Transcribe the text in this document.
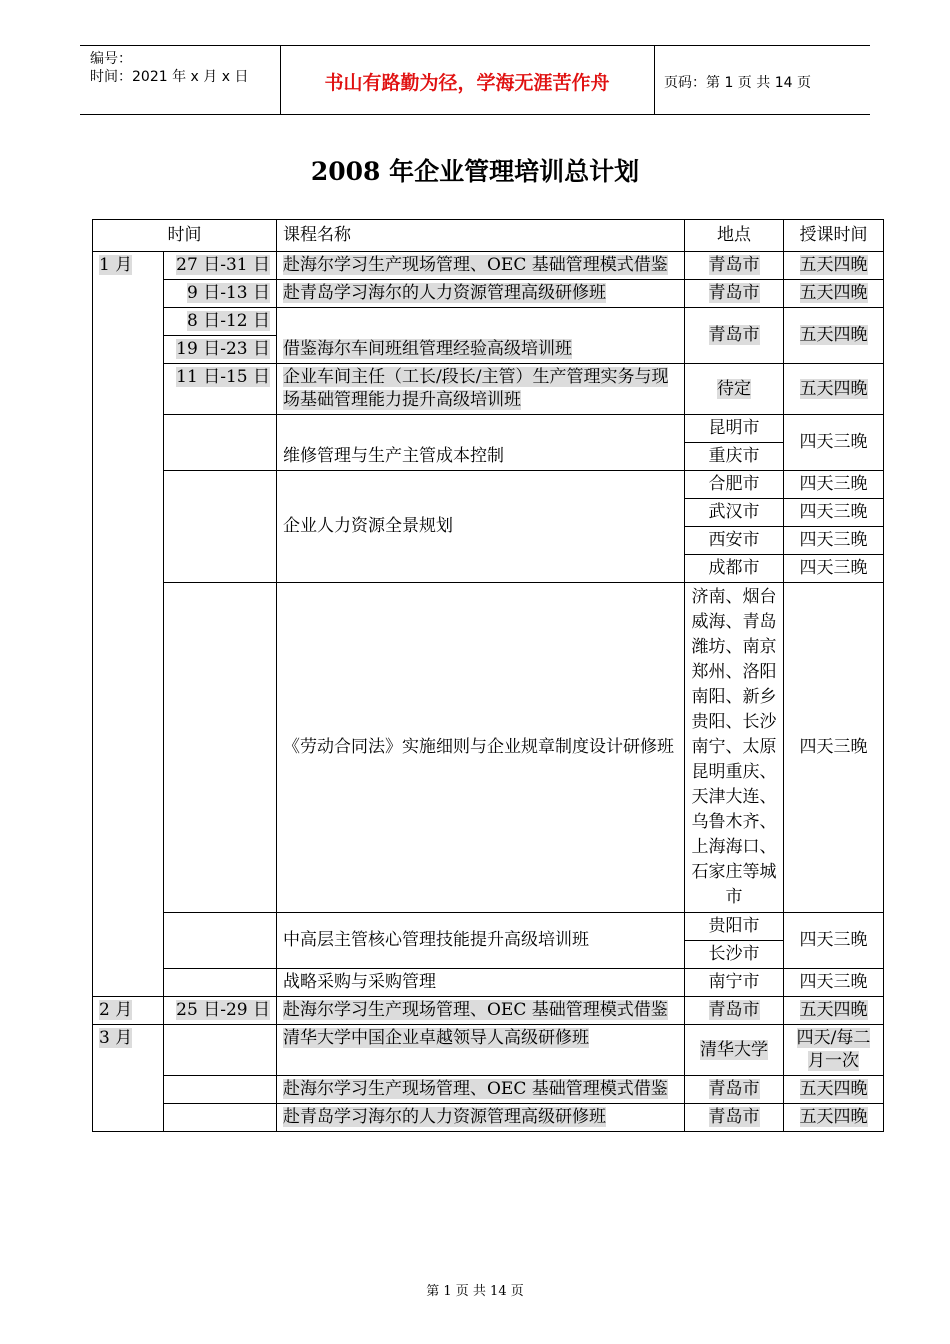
编号：
时间：2021 年 x 月 x 日	书山有路勤为径，学海无涯苦作舟	页码：第 1 页 共 14 页
2008 年企业管理培训总计划
时间		课程名称	地点	授课时间
1 月	27 日-31 日	赴海尔学习生产现场管理、OEC 基础管理模式借鉴	青岛市	五天四晚
	9 日-13 日	赴青岛学习海尔的人力资源管理高级研修班	青岛市	五天四晚
	8 日-12 日	借鉴海尔车间班组管理经验高级培训班	青岛市	五天四晚
	19 日-23 日			
	11 日-15 日	企业车间主任（工长/段长/主管）生产管理实务与现场基础管理能力提升高级培训班	待定	五天四晚
		维修管理与生产主管成本控制	昆明市	四天三晚
			重庆市	
		企业人力资源全景规划	合肥市	四天三晚
			武汉市	四天三晚
			西安市	四天三晚
			成都市	四天三晚
		《劳动合同法》实施细则与企业规章制度设计研修班	济南、烟台威海、青岛潍坊、南京郑州、洛阳南阳、新乡贵阳、长沙南宁、太原昆明重庆、天津大连、乌鲁木齐、上海海口、石家庄等城市	四天三晚
		中高层主管核心管理技能提升高级培训班	贵阳市	四天三晚
			长沙市	
		战略采购与采购管理	南宁市	四天三晚
2 月	25 日-29 日	赴海尔学习生产现场管理、OEC 基础管理模式借鉴	青岛市	五天四晚
3 月		清华大学中国企业卓越领导人高级研修班	清华大学	四天/每二月一次
		赴海尔学习生产现场管理、OEC 基础管理模式借鉴	青岛市	五天四晚
		赴青岛学习海尔的人力资源管理高级研修班	青岛市	五天四晚
第 1 页 共 14 页
